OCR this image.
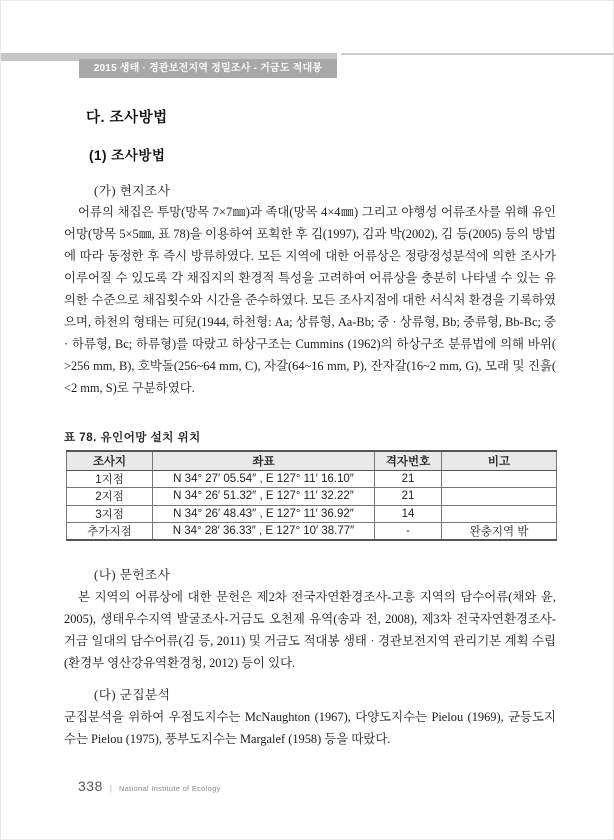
2015 생태 · 경관보전지역 정밀조사 - 거금도 적대봉
다. 조사방법
(1) 조사방법
(가) 현지조사
어류의 채집은 투망(망목 7×7㎜)과 족대(망목 4×4㎜) 그리고 야행성 어류조사를 위해 유인어망(망목 5×5㎜, 표 78)을 이용하여 포획한 후 김(1997), 김과 박(2002), 김 등(2005) 등의 방법에 따라 동정한 후 즉시 방류하였다. 모든 지역에 대한 어류상은 정량정성분석에 의한 조사가 이루어질 수 있도록 각 채집지의 환경적 특성을 고려하여 어류상을 충분히 나타낼 수 있는 유의한 수준으로 채집횟수와 시간을 준수하였다. 모든 조사지점에 대한 서식처 환경을 기록하였으며, 하천의 형태는 可兒(1944, 하천형: Aa; 상류형, Aa-Bb; 중 · 상류형, Bb; 중류형, Bb-Bc; 중 · 하류형, Bc; 하류형)를 따랐고 하상구조는 Cummins (1962)의 하상구조 분류법에 의해 바위( >256 mm, B), 호박돌(256~64 mm, C), 자갈(64~16 mm, P), 잔자갈(16~2 mm, G), 모래 및 진흙( <2 mm, S)로 구분하였다.
표 78. 유인어망 설치 위치
조사지	좌표	격자번호	비고
1지점	N 34° 27′ 05.54″ , E 127° 11′ 16.10″	21	
2지점	N 34° 26′ 51.32″ , E 127° 11′ 32.22″	21	
3지점	N 34° 26′ 48.43″ , E 127° 11′ 36.92″	14	
추가지점	N 34° 28′ 36.33″ , E 127° 10′ 38.77″	-	완충지역 밖
(나) 문헌조사
본 지역의 어류상에 대한 문헌은 제2차 전국자연환경조사-고흥 지역의 담수어류(채와 윤, 2005), 생태우수지역 발굴조사-거금도 오천제 유역(송과 전, 2008), 제3차 전국자연환경조사-거금 일대의 담수어류(김 등, 2011) 및 거금도 적대봉 생태 · 경관보전지역 관리기본 계획 수립(환경부 영산강유역환경청, 2012) 등이 있다.
(다) 군집분석
군집분석을 위하여 우점도지수는 McNaughton (1967), 다양도지수는 Pielou (1969), 균등도지수는 Pielou (1975), 풍부도지수는 Margalef (1958) 등을 따랐다.
338 | National Institute of Ecology
